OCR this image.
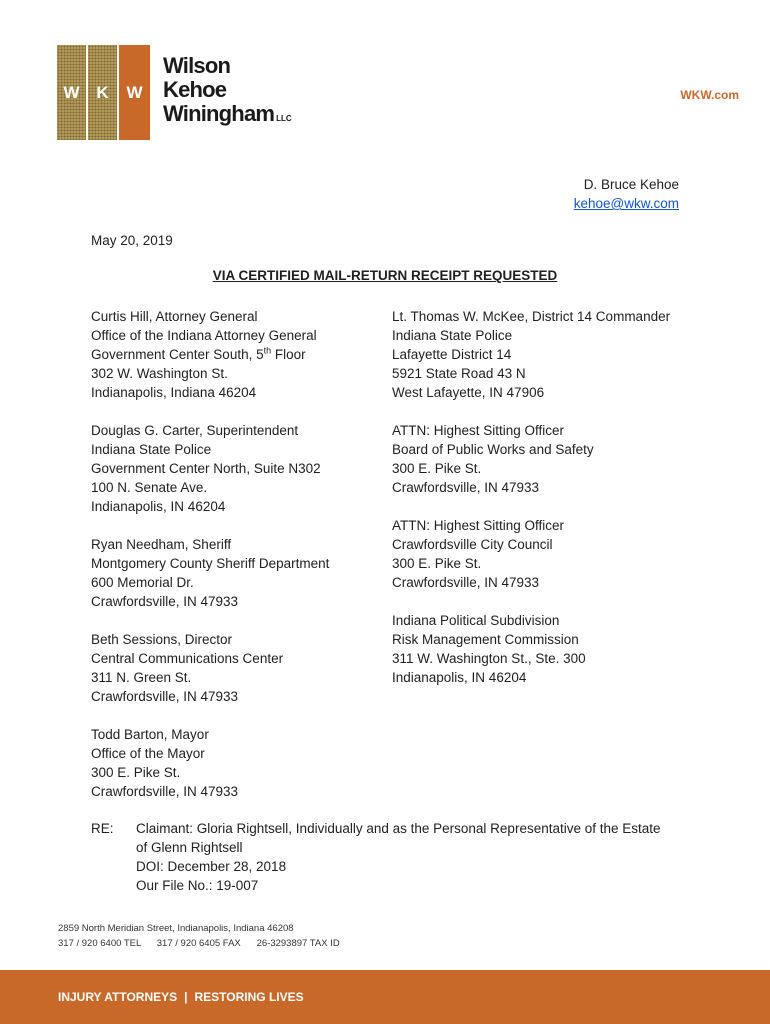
W K	W
Wilson
Kehoe
Winingham LLC
WKW.com
D. Bruce Kehoe
kehoe@wkw.com

May 20, 2019

VIA CERTIFIED MAIL-RETURN RECEIPT REQUESTED
Curtis Hill, Attorney General
Office of the Indiana Attorney General
Government Center South, 5th Floor
302 W. Washington St.
Indianapolis, Indiana 46204
Douglas G. Carter, Superintendent
Indiana State Police
Government Center North, Suite N302
100 N. Senate Ave.
Indianapolis, IN 46204
Ryan Needham, Sheriff
Montgomery County Sheriff Department
600 Memorial Dr.
Crawfordsville, IN 47933
Beth Sessions, Director
Central Communications Center
311 N. Green St.
Crawfordsville, IN 47933
Todd Barton, Mayor
Office of the Mayor
300 E. Pike St.
Crawfordsville, IN 47933
Lt. Thomas W. McKee, District 14 Commander
Indiana State Police
Lafayette District 14
5921 State Road 43 N
West Lafayette, IN 47906
ATTN: Highest Sitting Officer
Board of Public Works and Safety
300 E. Pike St.
Crawfordsville, IN 47933
ATTN: Highest Sitting Officer
Crawfordsville City Council
300 E. Pike St.
Crawfordsville, IN 47933
Indiana Political Subdivision
Risk Management Commission
311 W. Washington St., Ste. 300
Indianapolis, IN 46204
RE: Claimant: Gloria Rightsell, Individually and as the Personal Representative of the Estate
of Glenn Rightsell
DOI: December 28, 2018
Our File No.: 19-007
2859 North Meridian Street, Indianapolis, Indiana 46208
317 / 920 6400 TEL      317 / 920 6405 FAX      26-3293897 TAX ID
INJURY ATTORNEYS | RESTORING LIVES
